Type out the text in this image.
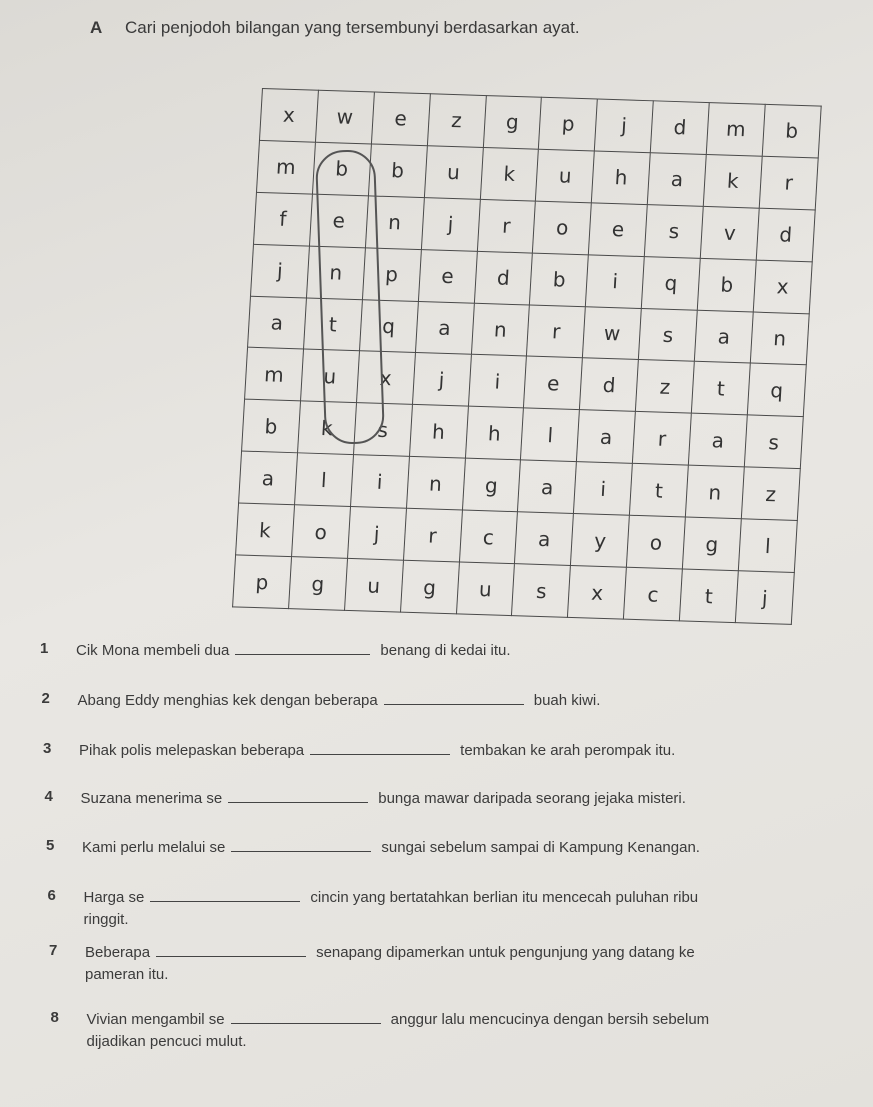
A Cari penjodoh bilangan yang tersembunyi berdasarkan ayat.
x	w	e	z	g	p	j	d	m	b
m	b	b	u	k	u	h	a	k	r
f	e	n	j	r	o	e	s	v	d
j	n	p	e	d	b	i	q	b	x
a	t	q	a	n	r	w	s	a	n
m	u	x	j	i	e	d	z	t	q
b	k	s	h	h	l	a	r	a	s
a	l	i	n	g	a	i	t	n	z
k	o	j	r	c	a	y	o	g	l
p	g	u	g	u	s	x	c	t	j
1 Cik Mona membeli dua	benang di kedai itu.
2 Abang Eddy menghias kek dengan beberapa	buah kiwi.
3 Pihak polis melepaskan beberapa	tembakan ke arah perompak itu.
4 Suzana menerima se	bunga mawar daripada seorang jejaka misteri.
5 Kami perlu melalui se	sungai sebelum sampai di Kampung Kenangan.
6 Harga se	cincin yang bertatahkan berlian itu mencecah puluhan ribu
ringgit.
7 Beberapa	senapang dipamerkan untuk pengunjung yang datang ke
pameran itu.
8 Vivian mengambil se	anggur lalu mencucinya dengan bersih sebelum
dijadikan pencuci mulut.
